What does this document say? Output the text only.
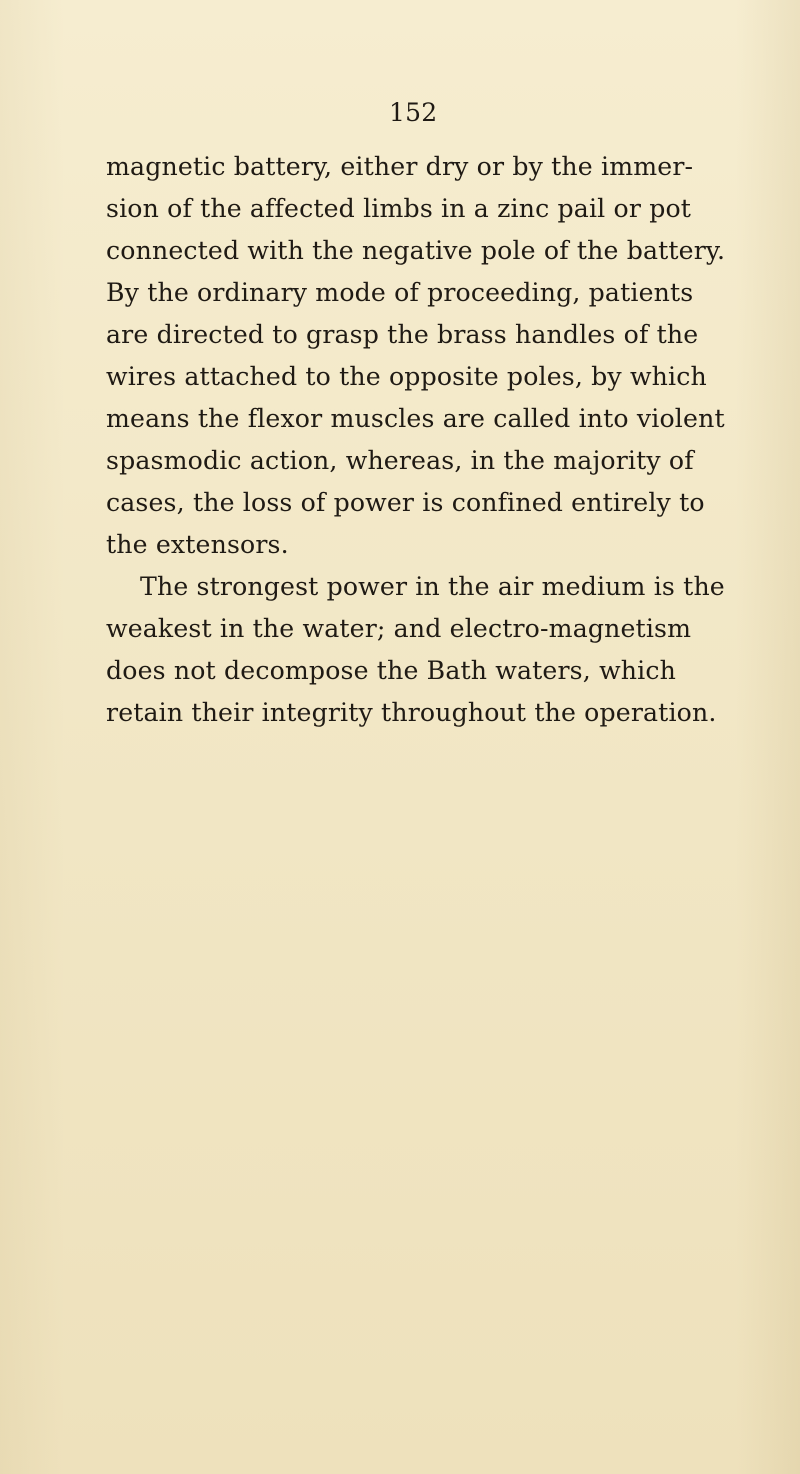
152
magnetic battery, either dry or by the immer-
sion of the affected limbs in a zinc pail or pot
connected with the negative pole of the battery.
By the ordinary mode of proceeding, patients
are directed to grasp the brass handles of the
wires attached to the opposite poles, by which
means the flexor muscles are called into violent
spasmodic action, whereas, in the majority of
cases, the loss of power is confined entirely to
the extensors.
The strongest power in the air medium is the
weakest in the water; and electro-magnetism
does not decompose the Bath waters, which
retain their integrity throughout the operation.
